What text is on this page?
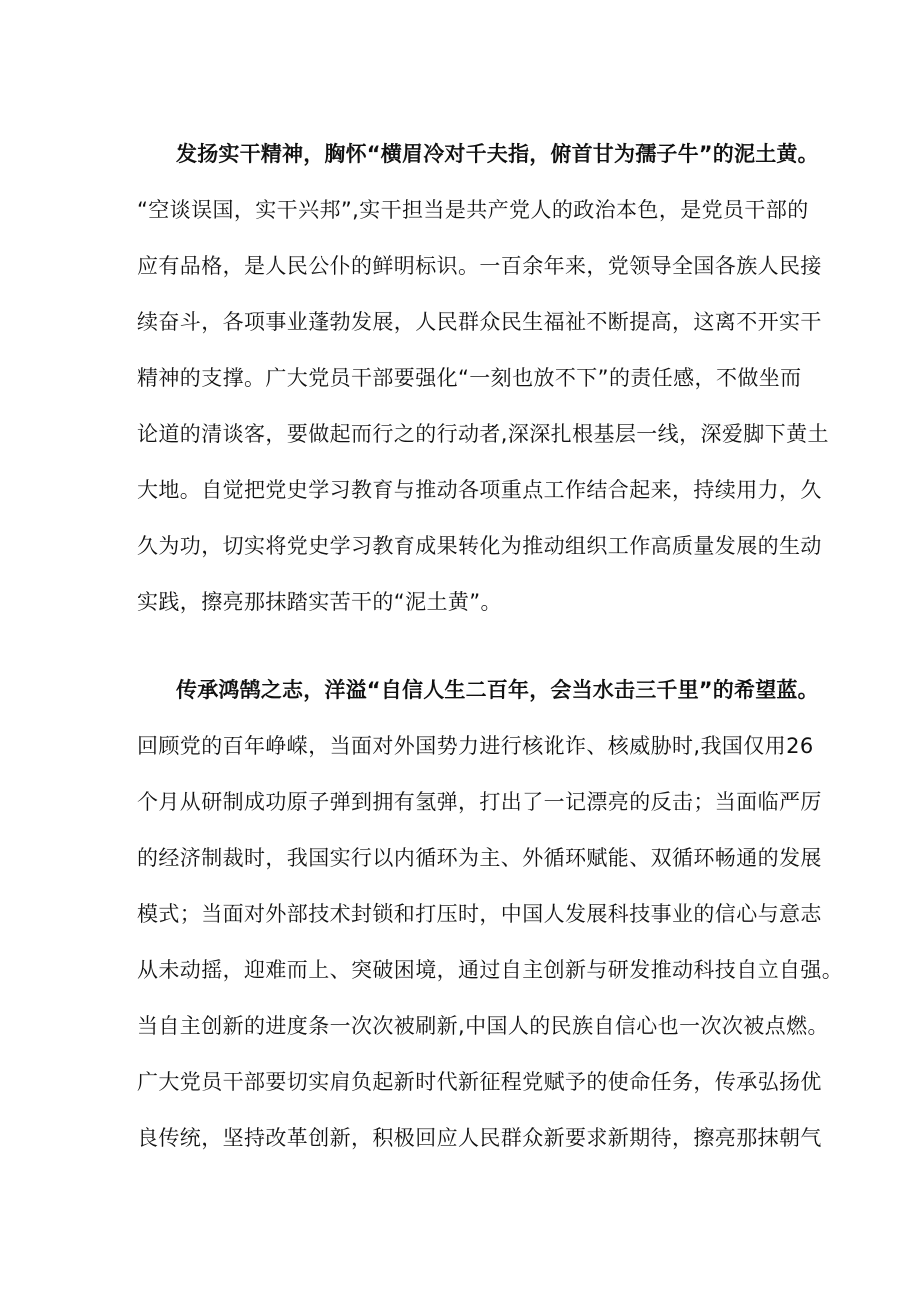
发扬实干精神，胸怀“横眉冷对千夫指，俯首甘为孺子牛”的泥土黄。
“空谈误国，实干兴邦”,实干担当是共产党人的政治本色，是党员干部的
应有品格，是人民公仆的鲜明标识。一百余年来，党领导全国各族人民接
续奋斗，各项事业蓬勃发展，人民群众民生福祉不断提高，这离不开实干
精神的支撑。广大党员干部要强化“一刻也放不下”的责任感，不做坐而
论道的清谈客，要做起而行之的行动者,深深扎根基层一线，深爱脚下黄土
大地。自觉把党史学习教育与推动各项重点工作结合起来，持续用力，久
久为功，切实将党史学习教育成果转化为推动组织工作高质量发展的生动
实践，擦亮那抹踏实苦干的“泥土黄”。
传承鸿鹄之志，洋溢“自信人生二百年，会当水击三千里”的希望蓝。
回顾党的百年峥嵘，当面对外国势力进行核讹诈、核威胁时,我国仅用26
个月从研制成功原子弹到拥有氢弹，打出了一记漂亮的反击；当面临严厉
的经济制裁时，我国实行以内循环为主、外循环赋能、双循环畅通的发展
模式；当面对外部技术封锁和打压时，中国人发展科技事业的信心与意志
从未动摇，迎难而上、突破困境，通过自主创新与研发推动科技自立自强。
当自主创新的进度条一次次被刷新,中国人的民族自信心也一次次被点燃。
广大党员干部要切实肩负起新时代新征程党赋予的使命任务，传承弘扬优
良传统，坚持改革创新，积极回应人民群众新要求新期待，擦亮那抹朝气
